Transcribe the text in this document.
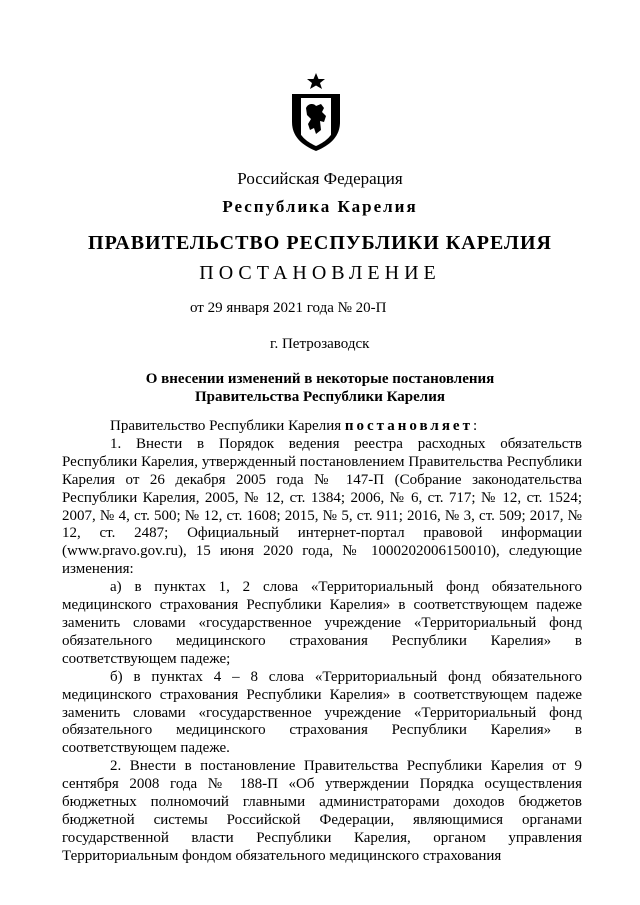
Российская Федерация
Республика Карелия
ПРАВИТЕЛЬСТВО РЕСПУБЛИКИ КАРЕЛИЯ
ПОСТАНОВЛЕНИЕ
от 29 января 2021 года № 20-П
г. Петрозаводск
О внесении изменений в некоторые постановления
Правительства Республики Карелия

Правительство Республики Карелия постановляет:

1. Внести в Порядок ведения реестра расходных обязательств Республики Карелия, утвержденный постановлением Правительства Республики Карелия от 26 декабря 2005 года № 147-П (Собрание законодательства Республики Карелия, 2005, № 12, ст. 1384; 2006, № 6, ст. 717; № 12, ст. 1524; 2007, № 4, ст. 500; № 12, ст. 1608; 2015, № 5, ст. 911; 2016, № 3, ст. 509; 2017, № 12, ст. 2487; Официальный интернет-портал правовой информации (www.pravo.gov.ru), 15 июня 2020 года, № 1000202006150010), следующие изменения:

а) в пунктах 1, 2 слова «Территориальный фонд обязательного медицинского страхования Республики Карелия» в соответствующем падеже заменить словами «государственное учреждение «Территориальный фонд обязательного медицинского страхования Республики Карелия» в соответствующем падеже;

б) в пунктах 4 – 8 слова «Территориальный фонд обязательного медицинского страхования Республики Карелия» в соответствующем падеже заменить словами «государственное учреждение «Территориальный фонд обязательного медицинского страхования Республики Карелия» в соответствующем падеже.

2. Внести в постановление Правительства Республики Карелия от 9 сентября 2008 года № 188-П «Об утверждении Порядка осуществления бюджетных полномочий главными администраторами доходов бюджетов бюджетной системы Российской Федерации, являющимися органами государственной власти Республики Карелия, органом управления Территориальным фондом обязательного медицинского страхования
